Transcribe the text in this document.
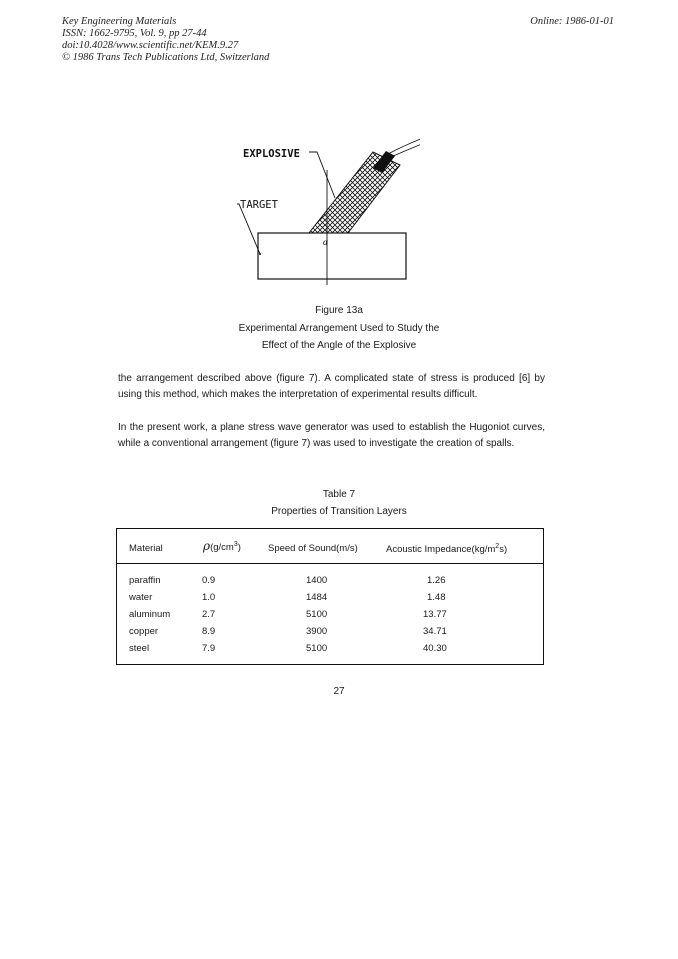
Key Engineering Materials
ISSN: 1662-9795, Vol. 9, pp 27-44
doi:10.4028/www.scientific.net/KEM.9.27
© 1986 Trans Tech Publications Ltd, Switzerland
Online: 1986-01-01
EXPLOSIVE
TARGET
α
Figure 13a
Experimental Arrangement Used to Study the
Effect of the Angle of the Explosive

the arrangement described above (figure 7). A complicated state of stress is produced [6] by using this method, which makes the interpretation of experimental results difficult.

In the present work, a plane stress wave generator was used to establish the Hugoniot curves, while a conventional arrangement (figure 7) was used to investigate the creation of spalls.

Table 7
Properties of Transition Layers
Material	$\rho(g/cm^3)$	Speed of Sound(m/s)	Acoustic $Impedance(kg/m^2s)$
paraffin	0.9	1400	1.26
water	1.0	1484	1.48
aluminum	2.7	5100	13.77
copper	8.9	3900	34.71
steel	7.9	5100	40.30
27
